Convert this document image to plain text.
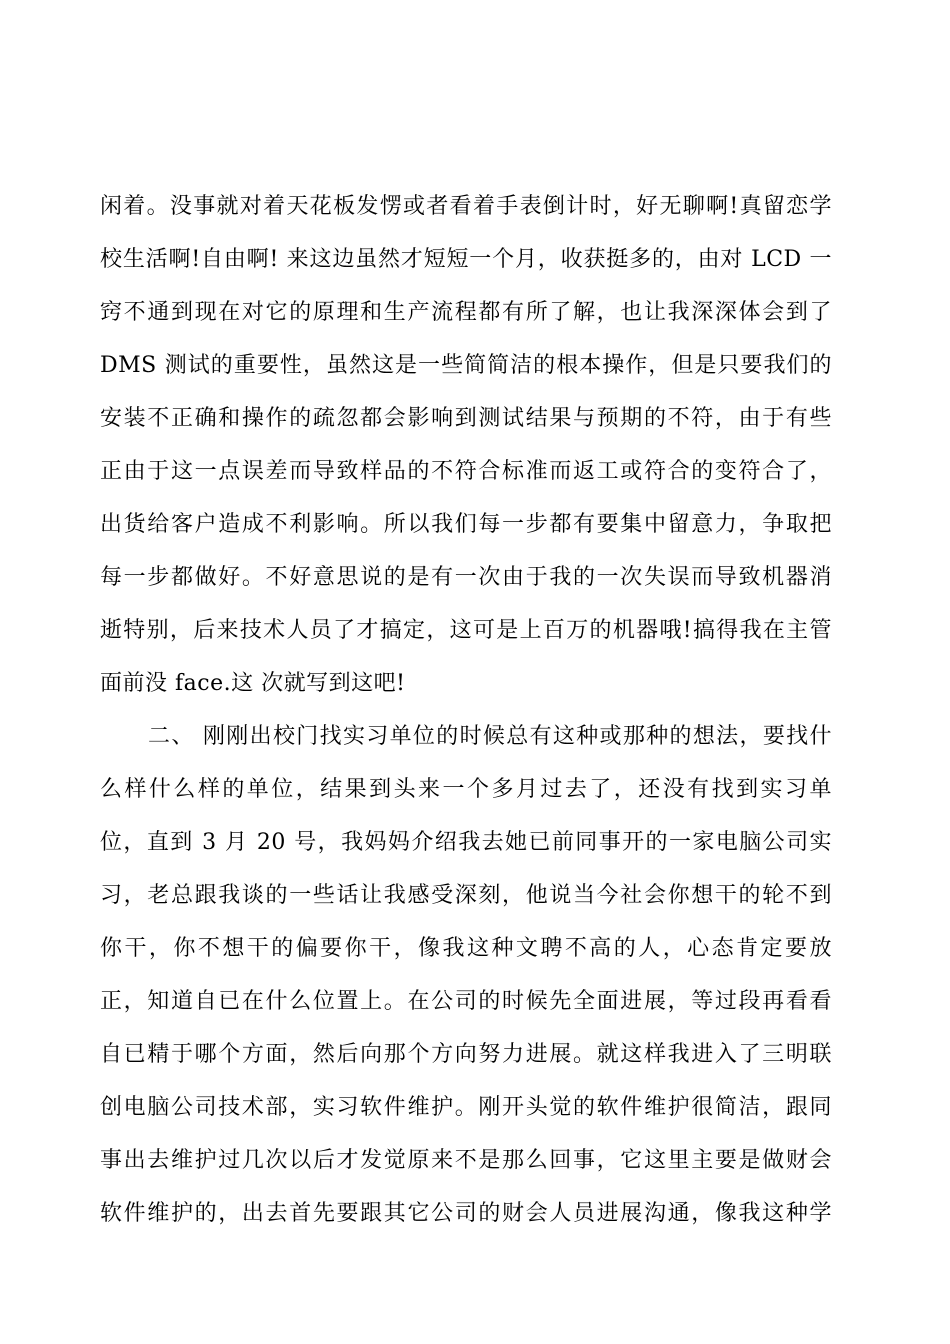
闲着。没事就对着天花板发愣或者看着手表倒计时，好无聊啊!真留恋学
校生活啊!自由啊! 来这边虽然才短短一个月，收获挺多的，由对 LCD 一
窍不通到现在对它的原理和生产流程都有所了解，也让我深深体会到了
DMS 测试的重要性，虽然这是一些简简洁的根本操作，但是只要我们的
安装不正确和操作的疏忽都会影响到测试结果与预期的不符，由于有些
正由于这一点误差而导致样品的不符合标准而返工或符合的变符合了，
出货给客户造成不利影响。所以我们每一步都有要集中留意力，争取把
每一步都做好。不好意思说的是有一次由于我的一次失误而导致机器消
逝特别，后来技术人员了才搞定，这可是上百万的机器哦!搞得我在主管
面前没 face.这 次就写到这吧!
二、 刚刚出校门找实习单位的时候总有这种或那种的想法，要找什
么样什么样的单位，结果到头来一个多月过去了，还没有找到实习单
位，直到 3 月 20 号，我妈妈介绍我去她已前同事开的一家电脑公司实
习，老总跟我谈的一些话让我感受深刻，他说当今社会你想干的轮不到
你干，你不想干的偏要你干，像我这种文聘不高的人，心态肯定要放
正，知道自已在什么位置上。在公司的时候先全面进展，等过段再看看
自已精于哪个方面，然后向那个方向努力进展。就这样我进入了三明联
创电脑公司技术部，实习软件维护。刚开头觉的软件维护很简洁，跟同
事出去维护过几次以后才发觉原来不是那么回事，它这里主要是做财会
软件维护的，出去首先要跟其它公司的财会人员进展沟通，像我这种学
